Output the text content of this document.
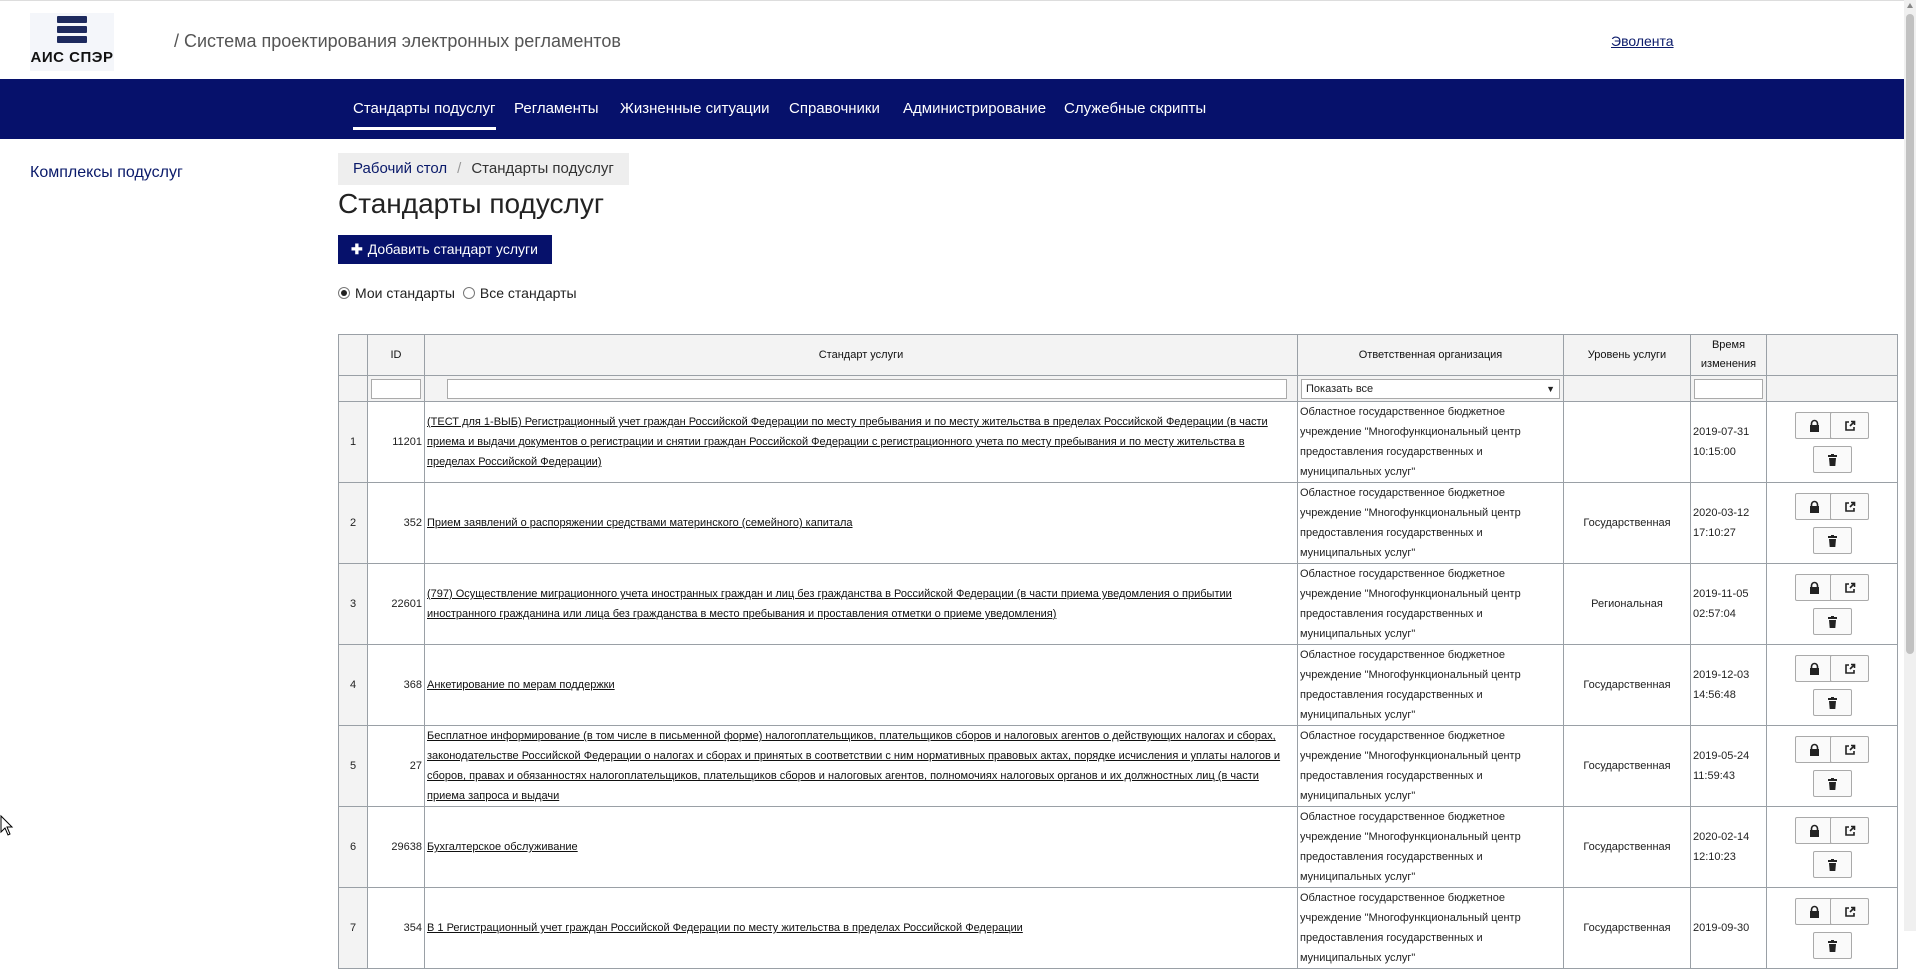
АИС СПЭР
/ Система проектирования электронных регламентов	Эволента
Стандарты подуслуг Регламенты Жизненные ситуации Справочники Администрирование Служебные скрипты
Комплексы подуслуг	Рабочий стол / Стандарты подуслуг
Стандарты подуслуг
✚ Добавить стандарт услуги
Мои стандарты Все стандарты
	ID	Стандарт услуги	Ответственная организация	Уровень услуги	Время
изменения	

Показать все ▼

1	11201	(ТЕСТ для 1-ВЫБ) Регистрационный учет граждан Российской Федерации по месту пребывания и по месту жительства в пределах Российской Федерации (в части приема и выдачи документов о регистрации и снятии граждан Российской Федерации с регистрационного учета по месту пребывания и по месту жительства в пределах Российской Федерации)	Областное государственное бюджетное учреждение "Многофункциональный центр предоставления государственных и муниципальных услуг"		2019-07-31
10:15:00	

2	352	Прием заявлений о распоряжении средствами материнского (семейного) капитала	Областное государственное бюджетное учреждение "Многофункциональный центр предоставления государственных и муниципальных услуг"	Государственная	2020-03-12
17:10:27	

3	22601	(797) Осуществление миграционного учета иностранных граждан и лиц без гражданства в Российской Федерации (в части приема уведомления о прибытии иностранного гражданина или лица без гражданства в место пребывания и проставления отметки о приеме уведомления)	Областное государственное бюджетное учреждение "Многофункциональный центр предоставления государственных и муниципальных услуг"	Региональная	2019-11-05
02:57:04	

4	368	Анкетирование по мерам поддержки	Областное государственное бюджетное учреждение "Многофункциональный центр предоставления государственных и муниципальных услуг"	Государственная	2019-12-03
14:56:48	

5	27	Бесплатное информирование (в том числе в письменной форме) налогоплательщиков, плательщиков сборов и налоговых агентов о действующих налогах и сборах, законодательстве Российской Федерации о налогах и сборах и принятых в соответствии с ним нормативных правовых актах, порядке исчисления и уплаты налогов и сборов, правах и обязанностях налогоплательщиков, плательщиков сборов и налоговых агентов, полномочиях налоговых органов и их должностных лиц (в части приема запроса и выдачи	Областное государственное бюджетное учреждение "Многофункциональный центр предоставления государственных и муниципальных услуг"	Государственная	2019-05-24
11:59:43	

6	29638	Бухгалтерское обслуживание	Областное государственное бюджетное учреждение "Многофункциональный центр предоставления государственных и муниципальных услуг"	Государственная	2020-02-14
12:10:23	

7	354	В 1 Регистрационный учет граждан Российской Федерации по месту жительства в пределах Российской Федерации	Областное государственное бюджетное учреждение "Многофункциональный центр предоставления государственных и муниципальных услуг"	Государственная	2019-09-30
